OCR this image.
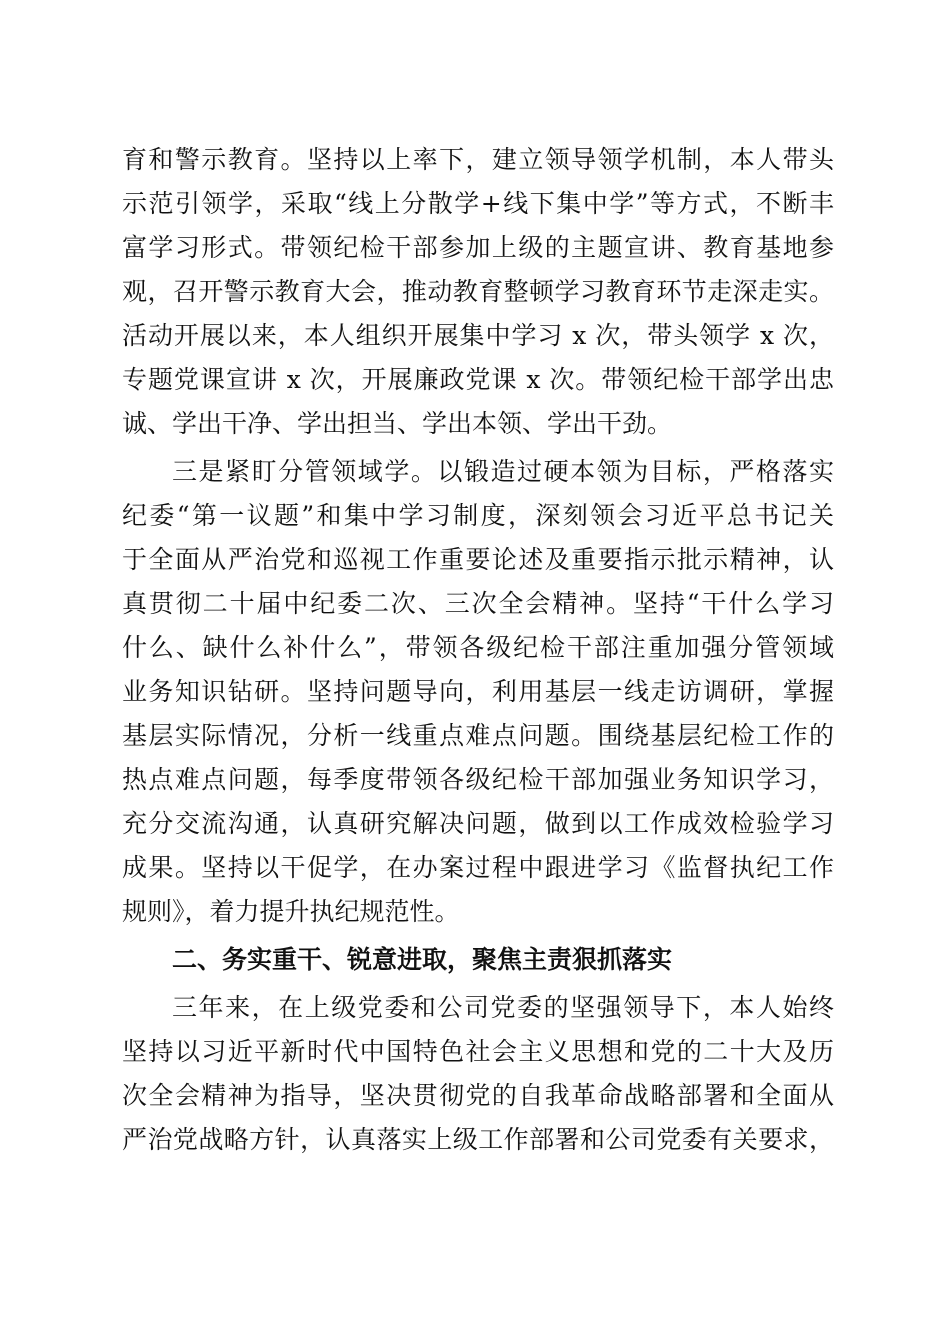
育和警示教育。坚持以上率下，建立领导领学机制，本人带头
示范引领学，采取“线上分散学+线下集中学”等方式，不断丰
富学习形式。带领纪检干部参加上级的主题宣讲、教育基地参
观，召开警示教育大会，推动教育整顿学习教育环节走深走实。
活动开展以来，本人组织开展集中学习 x 次，带头领学 x 次，
专题党课宣讲 x 次，开展廉政党课 x 次。带领纪检干部学出忠
诚、学出干净、学出担当、学出本领、学出干劲。
三是紧盯分管领域学。以锻造过硬本领为目标，严格落实
纪委“第一议题”和集中学习制度，深刻领会习近平总书记关
于全面从严治党和巡视工作重要论述及重要指示批示精神，认
真贯彻二十届中纪委二次、三次全会精神。坚持“干什么学习
什么、缺什么补什么”，带领各级纪检干部注重加强分管领域
业务知识钻研。坚持问题导向，利用基层一线走访调研，掌握
基层实际情况，分析一线重点难点问题。围绕基层纪检工作的
热点难点问题，每季度带领各级纪检干部加强业务知识学习，
充分交流沟通，认真研究解决问题，做到以工作成效检验学习
成果。坚持以干促学，在办案过程中跟进学习《监督执纪工作
规则》，着力提升执纪规范性。
二、务实重干、锐意进取，聚焦主责狠抓落实
三年来，在上级党委和公司党委的坚强领导下，本人始终
坚持以习近平新时代中国特色社会主义思想和党的二十大及历
次全会精神为指导，坚决贯彻党的自我革命战略部署和全面从
严治党战略方针，认真落实上级工作部署和公司党委有关要求，
